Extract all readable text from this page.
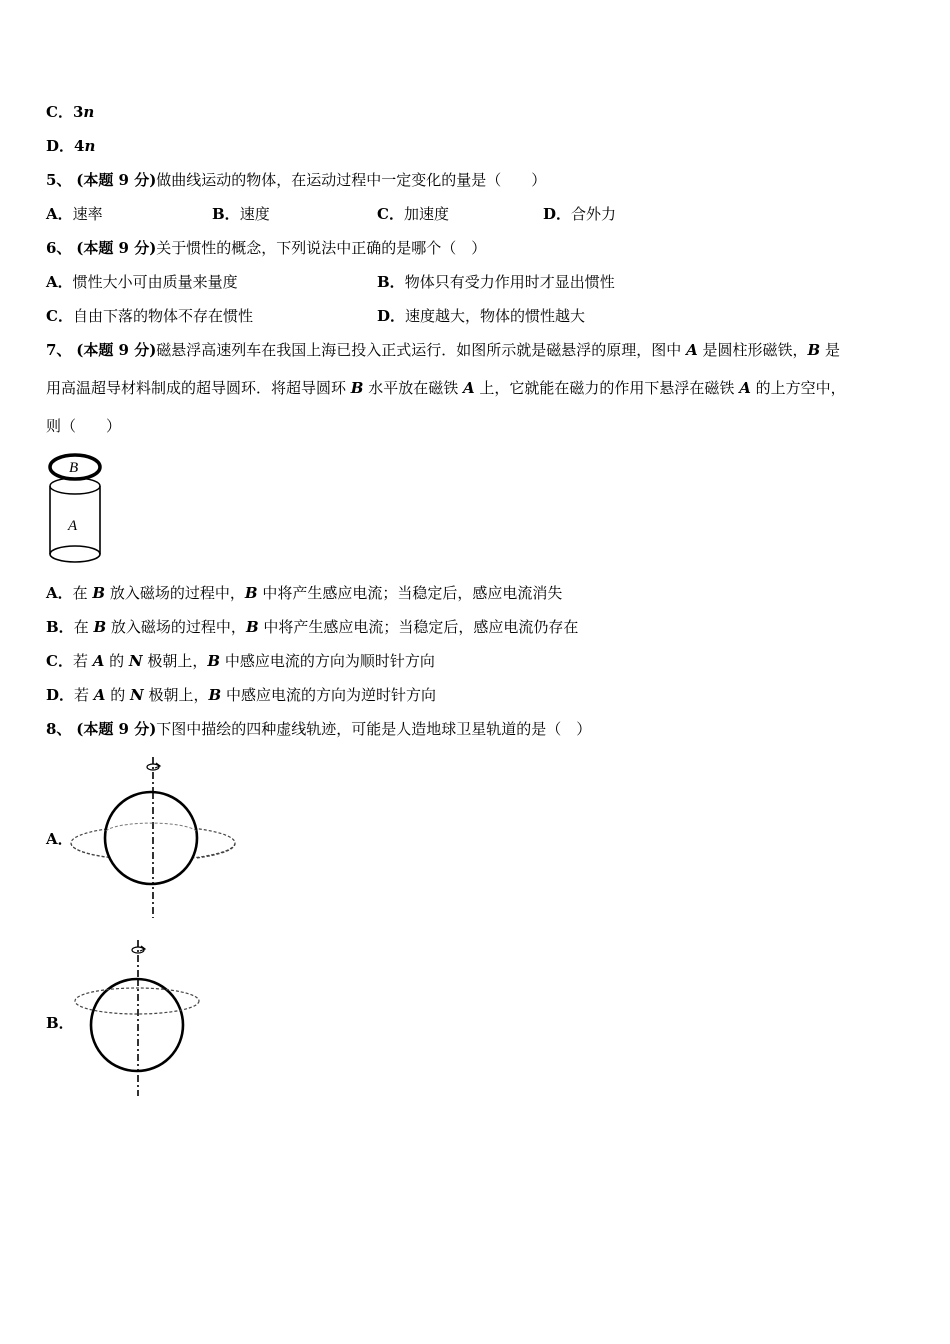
C．3n
D．4n
5、 (本题 9 分)做曲线运动的物体，在运动过程中一定变化的量是（　　）
A．速率	B．速度	C．加速度	D．合外力
6、 (本题 9 分)关于惯性的概念，下列说法中正确的是哪个（　）
A．惯性大小可由质量来量度	B．物体只有受力作用时才显出惯性
C．自由下落的物体不存在惯性	D．速度越大，物体的惯性越大
7、 (本题 9 分)磁悬浮高速列车在我国上海已投入正式运行．如图所示就是磁悬浮的原理，图中 A 是圆柱形磁铁，B 是
用高温超导材料制成的超导圆环．将超导圆环 B 水平放在磁铁 A 上，它就能在磁力的作用下悬浮在磁铁 A 的上方空中，
则（　　）
B
A
A．在 B 放入磁场的过程中，B 中将产生感应电流；当稳定后，感应电流消失
B．在 B 放入磁场的过程中，B 中将产生感应电流；当稳定后，感应电流仍存在
C．若 A 的 N 极朝上，B 中感应电流的方向为顺时针方向
D．若 A 的 N 极朝上，B 中感应电流的方向为逆时针方向
8、 (本题 9 分)下图中描绘的四种虚线轨迹，可能是人造地球卫星轨道的是（　）
A．
B．
